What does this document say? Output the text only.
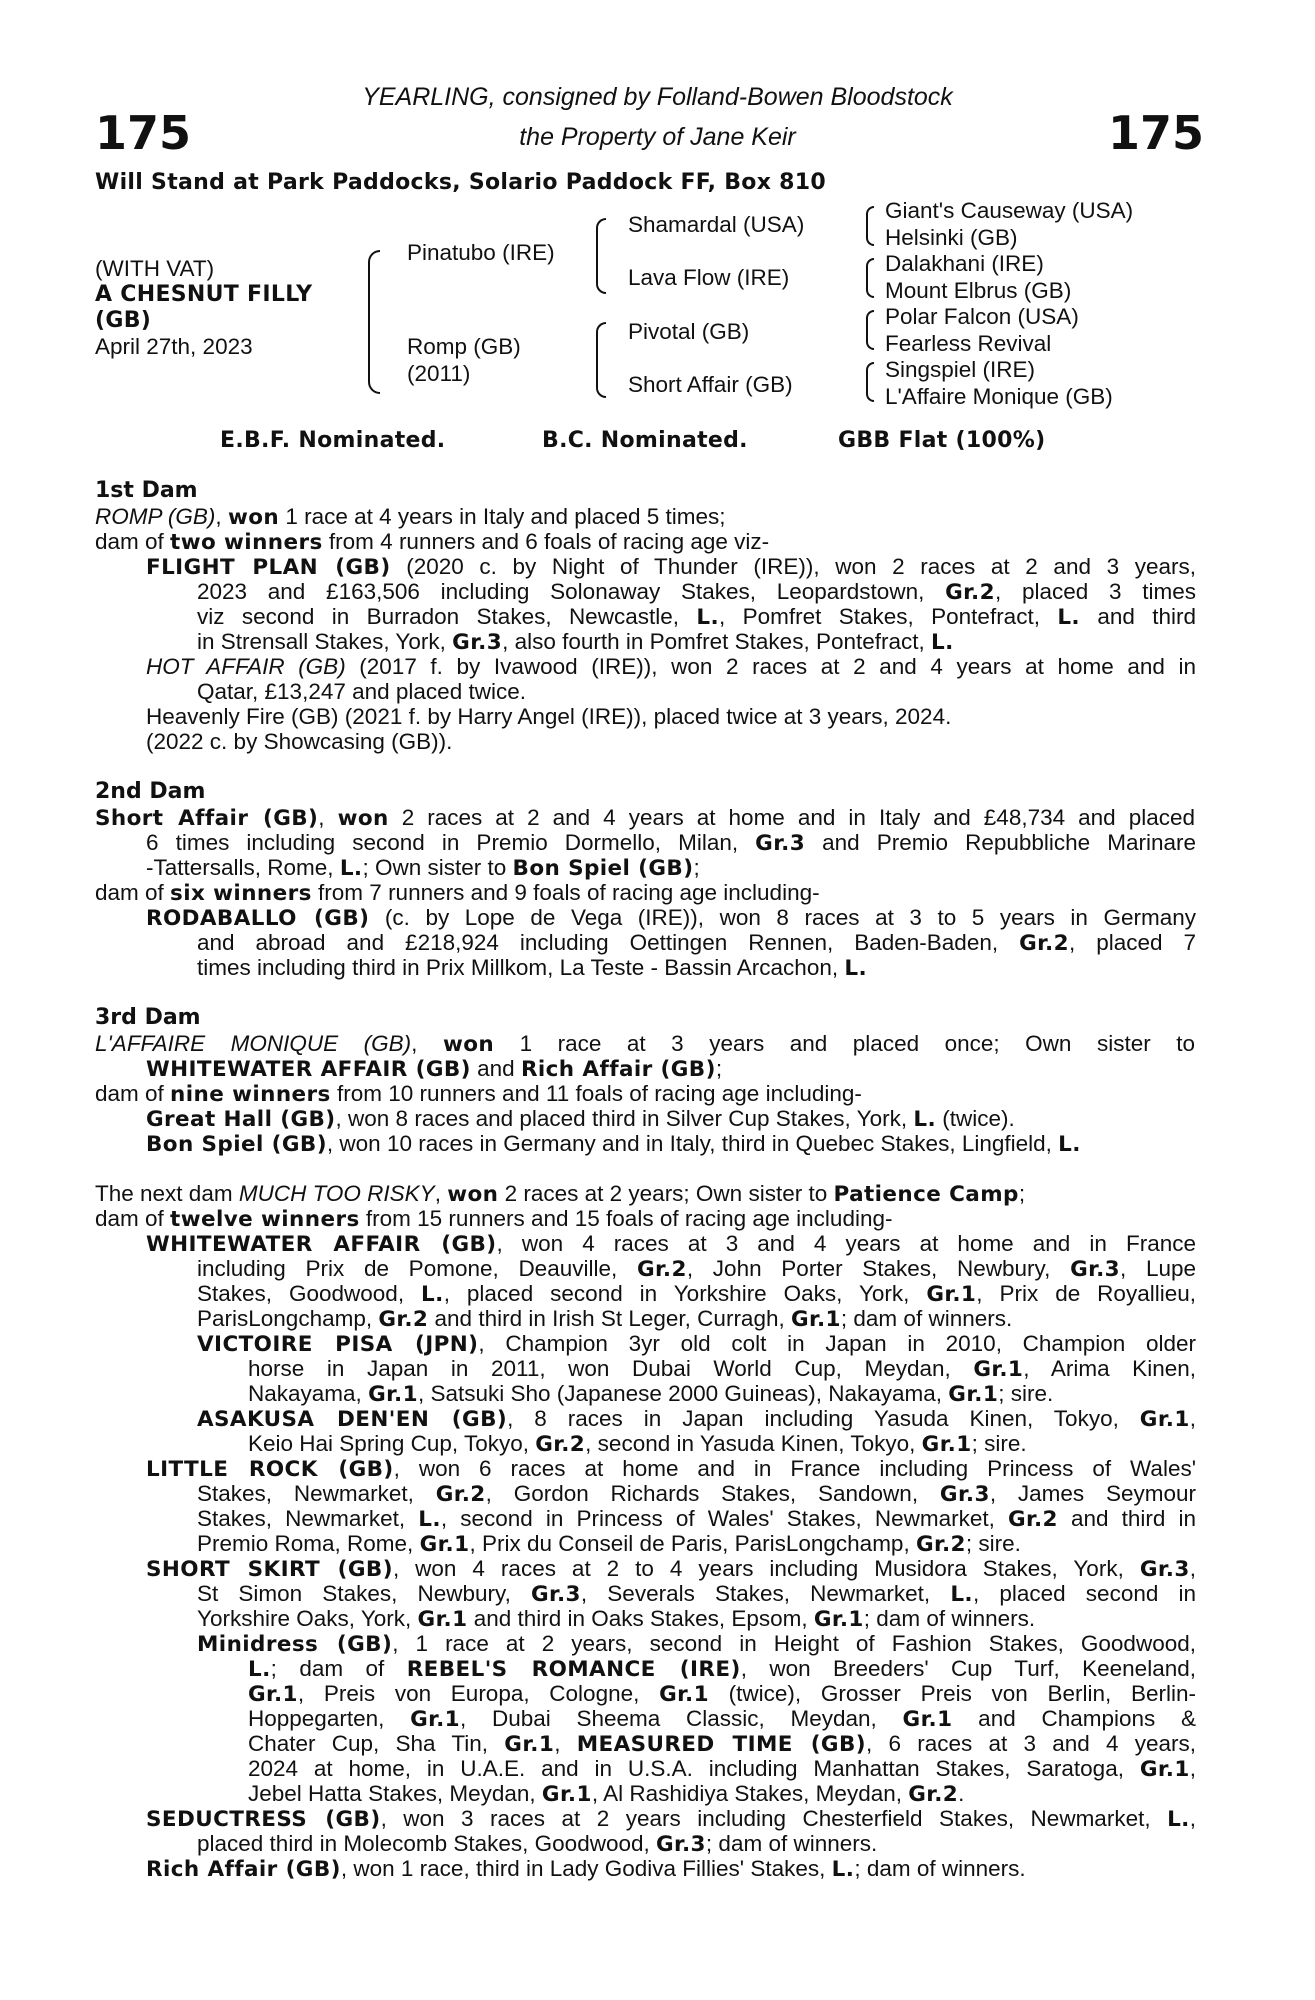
175	175
YEARLING, consigned by Folland-Bowen Bloodstock
the Property of Jane Keir
Will Stand at Park Paddocks, Solario Paddock FF, Box 810
(WITH VAT)
A CHESNUT FILLY
(GB)
April 27th, 2023
Pinatubo (IRE)
Romp (GB)
(2011)
Shamardal (USA)
Lava Flow (IRE)
Pivotal (GB)
Short Affair (GB)
Giant's Causeway (USA)
Helsinki (GB)
Dalakhani (IRE)
Mount Elbrus (GB)
Polar Falcon (USA)
Fearless Revival
Singspiel (IRE)
L'Affaire Monique (GB)
E.B.F. Nominated.	B.C. Nominated.	GBB Flat (100%)
1st Dam
ROMP (GB), won 1 race at 4 years in Italy and placed 5 times;
dam of two winners from 4 runners and 6 foals of racing age viz-
FLIGHT PLAN (GB) (2020 c. by Night of Thunder (IRE)), won 2 races at 2 and 3 years,
2023 and £163,506 including Solonaway Stakes, Leopardstown, Gr.2, placed 3 times
viz second in Burradon Stakes, Newcastle, L., Pomfret Stakes, Pontefract, L. and third
in Strensall Stakes, York, Gr.3, also fourth in Pomfret Stakes, Pontefract, L.
HOT AFFAIR (GB) (2017 f. by Ivawood (IRE)), won 2 races at 2 and 4 years at home and in
Qatar, £13,247 and placed twice.
Heavenly Fire (GB) (2021 f. by Harry Angel (IRE)), placed twice at 3 years, 2024.
(2022 c. by Showcasing (GB)).
2nd Dam
Short Affair (GB), won 2 races at 2 and 4 years at home and in Italy and £48,734 and placed
6 times including second in Premio Dormello, Milan, Gr.3 and Premio Repubbliche Marinare
-Tattersalls, Rome, L.; Own sister to Bon Spiel (GB);
dam of six winners from 7 runners and 9 foals of racing age including-
RODABALLO (GB) (c. by Lope de Vega (IRE)), won 8 races at 3 to 5 years in Germany
and abroad and £218,924 including Oettingen Rennen, Baden-Baden, Gr.2, placed 7
times including third in Prix Millkom, La Teste - Bassin Arcachon, L.
3rd Dam
L'AFFAIRE MONIQUE (GB), won 1 race at 3 years and placed once; Own sister to
WHITEWATER AFFAIR (GB) and Rich Affair (GB);
dam of nine winners from 10 runners and 11 foals of racing age including-
Great Hall (GB), won 8 races and placed third in Silver Cup Stakes, York, L. (twice).
Bon Spiel (GB), won 10 races in Germany and in Italy, third in Quebec Stakes, Lingfield, L.
The next dam MUCH TOO RISKY, won 2 races at 2 years; Own sister to Patience Camp;
dam of twelve winners from 15 runners and 15 foals of racing age including-
WHITEWATER AFFAIR (GB), won 4 races at 3 and 4 years at home and in France
including Prix de Pomone, Deauville, Gr.2, John Porter Stakes, Newbury, Gr.3, Lupe
Stakes, Goodwood, L., placed second in Yorkshire Oaks, York, Gr.1, Prix de Royallieu,
ParisLongchamp, Gr.2 and third in Irish St Leger, Curragh, Gr.1; dam of winners.
VICTOIRE PISA (JPN), Champion 3yr old colt in Japan in 2010, Champion older
horse in Japan in 2011, won Dubai World Cup, Meydan, Gr.1, Arima Kinen,
Nakayama, Gr.1, Satsuki Sho (Japanese 2000 Guineas), Nakayama, Gr.1; sire.
ASAKUSA DEN'EN (GB), 8 races in Japan including Yasuda Kinen, Tokyo, Gr.1,
Keio Hai Spring Cup, Tokyo, Gr.2, second in Yasuda Kinen, Tokyo, Gr.1; sire.
LITTLE ROCK (GB), won 6 races at home and in France including Princess of Wales'
Stakes, Newmarket, Gr.2, Gordon Richards Stakes, Sandown, Gr.3, James Seymour
Stakes, Newmarket, L., second in Princess of Wales' Stakes, Newmarket, Gr.2 and third in
Premio Roma, Rome, Gr.1, Prix du Conseil de Paris, ParisLongchamp, Gr.2; sire.
SHORT SKIRT (GB), won 4 races at 2 to 4 years including Musidora Stakes, York, Gr.3,
St Simon Stakes, Newbury, Gr.3, Severals Stakes, Newmarket, L., placed second in
Yorkshire Oaks, York, Gr.1 and third in Oaks Stakes, Epsom, Gr.1; dam of winners.
Minidress (GB), 1 race at 2 years, second in Height of Fashion Stakes, Goodwood,
L.; dam of REBEL'S ROMANCE (IRE), won Breeders' Cup Turf, Keeneland,
Gr.1, Preis von Europa, Cologne, Gr.1 (twice), Grosser Preis von Berlin, Berlin-
Hoppegarten, Gr.1, Dubai Sheema Classic, Meydan, Gr.1 and Champions &
Chater Cup, Sha Tin, Gr.1, MEASURED TIME (GB), 6 races at 3 and 4 years,
2024 at home, in U.A.E. and in U.S.A. including Manhattan Stakes, Saratoga, Gr.1,
Jebel Hatta Stakes, Meydan, Gr.1, Al Rashidiya Stakes, Meydan, Gr.2.
SEDUCTRESS (GB), won 3 races at 2 years including Chesterfield Stakes, Newmarket, L.,
placed third in Molecomb Stakes, Goodwood, Gr.3; dam of winners.
Rich Affair (GB), won 1 race, third in Lady Godiva Fillies' Stakes, L.; dam of winners.
